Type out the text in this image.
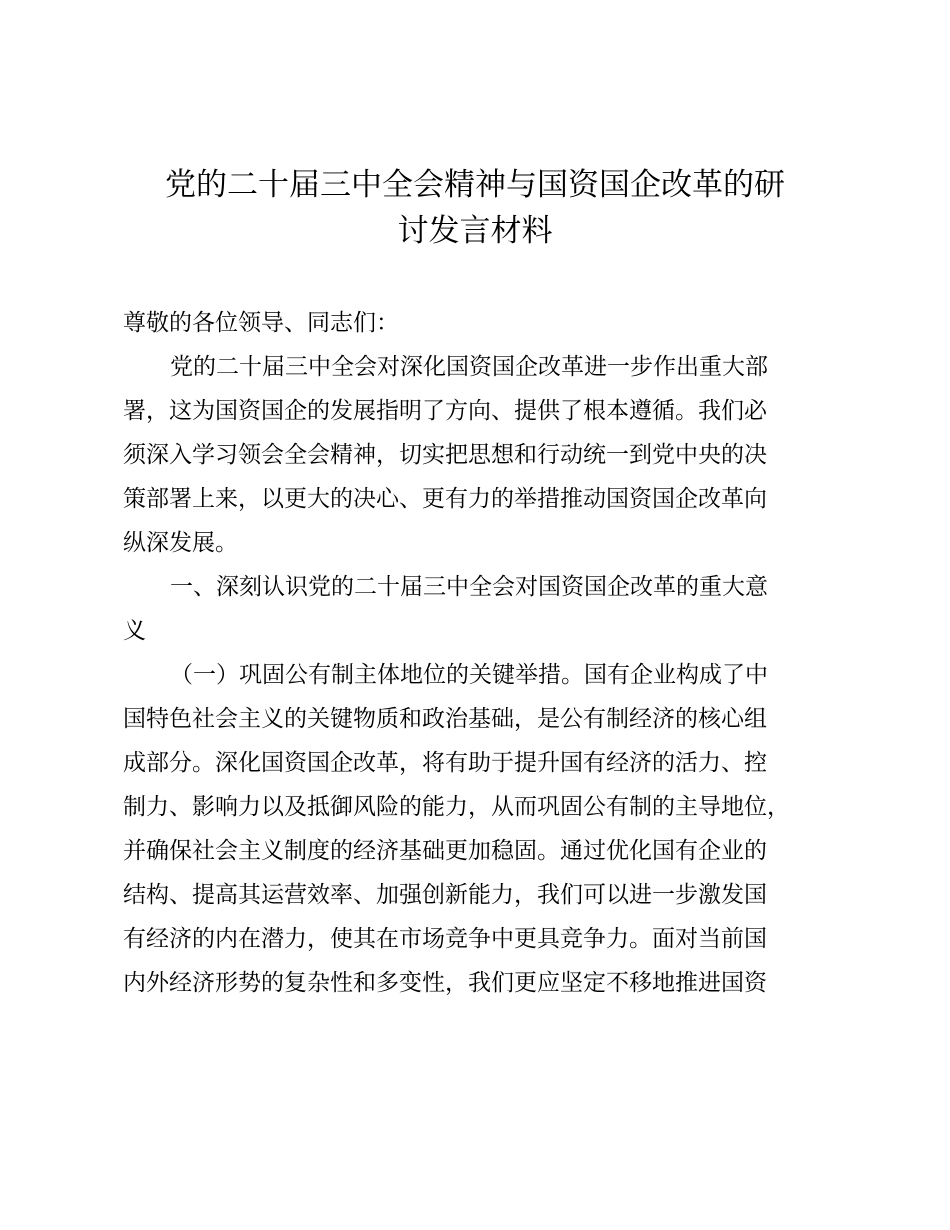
党的二十届三中全会精神与国资国企改革的研
讨发言材料

尊敬的各位领导、同志们：

党的二十届三中全会对深化国资国企改革进一步作出重大部

署，这为国资国企的发展指明了方向、提供了根本遵循。我们必

须深入学习领会全会精神，切实把思想和行动统一到党中央的决

策部署上来，以更大的决心、更有力的举措推动国资国企改革向

纵深发展。

一、深刻认识党的二十届三中全会对国资国企改革的重大意

义

（一）巩固公有制主体地位的关键举措。国有企业构成了中

国特色社会主义的关键物质和政治基础，是公有制经济的核心组

成部分。深化国资国企改革，将有助于提升国有经济的活力、控

制力、影响力以及抵御风险的能力，从而巩固公有制的主导地位，

并确保社会主义制度的经济基础更加稳固。通过优化国有企业的

结构、提高其运营效率、加强创新能力，我们可以进一步激发国

有经济的内在潜力，使其在市场竞争中更具竞争力。面对当前国

内外经济形势的复杂性和多变性，我们更应坚定不移地推进国资
